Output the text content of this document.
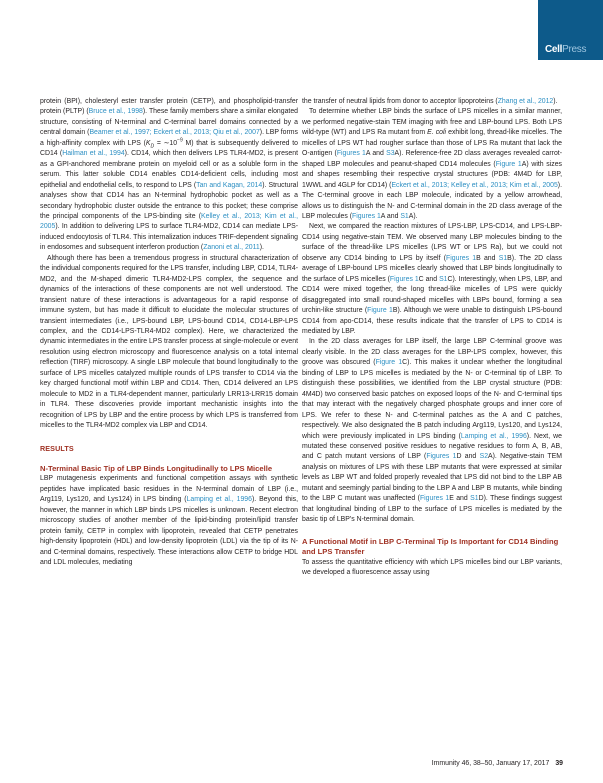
CellPress

protein (BPI), cholesteryl ester transfer protein (CETP), and phospholipid-transfer protein (PLTP) (Bruce et al., 1998). These family members share a similar elongated structure, consisting of N-terminal and C-terminal barrel domains connected by a central domain (Beamer et al., 1997; Eckert et al., 2013; Qiu et al., 2007). LBP forms a high-affinity complex with LPS ($K_D$ = $\sim 10^{-9}$ M) that is subsequently delivered to CD14 (Hailman et al., 1994). CD14, which then delivers LPS TLR4-MD2, is present as a GPI-anchored membrane protein on myeloid cell or as a soluble form in the serum. This latter soluble CD14 enables CD14-deficient cells, including most epithelial and endothelial cells, to respond to LPS (Tan and Kagan, 2014). Structural analyses show that CD14 has an N-terminal hydrophobic pocket as well as a secondary hydrophobic cluster outside the entrance to this pocket; these comprise the principal components of the LPS-binding site (Kelley et al., 2013; Kim et al., 2005). In addition to delivering LPS to surface TLR4-MD2, CD14 can mediate LPS-induced endocytosis of TLR4. This internalization induces TRIF-dependent signaling in endosomes and subsequent interferon production (Zanoni et al., 2011).

Although there has been a tremendous progress in structural characterization of the individual components required for the LPS transfer, including LBP, CD14, TLR4-MD2, and the M-shaped dimeric TLR4-MD2-LPS complex, the sequence and dynamics of the interactions of these components are not well understood. The transient nature of these interactions is advantageous for a rapid response of immune system, but has made it difficult to elucidate the molecular structures of transient intermediates (i.e., LPS-bound LBP, LPS-bound CD14, CD14-LBP-LPS complex, and the CD14-LPS-TLR4-MD2 complex). Here, we characterized the dynamic intermediates in the entire LPS transfer process at single-molecule or event resolution using electron microscopy and fluorescence analysis on a total internal reflection (TIRF) microscopy. A single LBP molecule that bound longitudinally to the surface of LPS micelles catalyzed multiple rounds of LPS transfer to CD14 via the key charged functional motif within LBP and CD14. Then, CD14 delivered an LPS molecule to MD2 in a TLR4-dependent manner, particularly LRR13-LRR15 domain in TLR4. These discoveries provide important mechanistic insights into the recognition of LPS by LBP and the entire process by which LPS is transferred from micelles to the TLR4-MD2 complex via LBP and CD14.

RESULTS
N-Terminal Basic Tip of LBP Binds Longitudinally to LPS Micelle

LBP mutagenesis experiments and functional competition assays with synthetic peptides have implicated basic residues in the N-terminal domain of LBP (i.e., Arg119, Lys120, and Lys124) in LPS binding (Lamping et al., 1996). Beyond this, however, the manner in which LBP binds LPS micelles is unknown. Recent electron microscopy studies of another member of the lipid-binding protein/lipid transfer protein family, CETP in complex with lipoprotein, revealed that CETP penetrates high-density lipoprotein (HDL) and low-density lipoprotein (LDL) via the tip of its N- and C-terminal domains, respectively. These interactions allow CETP to bridge HDL and LDL molecules, mediating

the transfer of neutral lipids from donor to acceptor lipoproteins (Zhang et al., 2012).

To determine whether LBP binds the surface of LPS micelles in a similar manner, we performed negative-stain TEM imaging with free and LBP-bound LPS. Both LPS wild-type (WT) and LPS Ra mutant from E. coli exhibit long, thread-like micelles. The micelles of LPS WT had rougher surface than those of LPS Ra mutant that lack the O-antigen (Figures 1A and S3A). Reference-free 2D class averages revealed carrot-shaped LBP molecules and peanut-shaped CD14 molecules (Figure 1A) with sizes and shapes resembling their respective crystal structures (PDB: 4M4D for LBP, 1WWL and 4GLP for CD14) (Eckert et al., 2013; Kelley et al., 2013; Kim et al., 2005). The C-terminal groove in each LBP molecule, indicated by a yellow arrowhead, allows us to distinguish the N- and C-terminal domain in the 2D class average of the LBP molecules (Figures 1A and S1A).

Next, we compared the reaction mixtures of LPS-LBP, LPS-CD14, and LPS-LBP-CD14 using negative-stain TEM. We observed many LBP molecules binding to the surface of the thread-like LPS micelles (LPS WT or LPS Ra), but we could not observe any CD14 binding to LPS by itself (Figures 1B and S1B). The 2D class average of LBP-bound LPS micelles clearly showed that LBP binds longitudinally to the surface of LPS micelles (Figures 1C and S1C). Interestingly, when LPS, LBP, and CD14 were mixed together, the long thread-like micelles of LPS were quickly disaggregated into small round-shaped micelles with LBPs bound, forming a sea urchin-like structure (Figure 1B). Although we were unable to distinguish LPS-bound CD14 from apo-CD14, these results indicate that the transfer of LPS to CD14 is mediated by LBP.

In the 2D class averages for LBP itself, the large LBP C-terminal groove was clearly visible. In the 2D class averages for the LBP-LPS complex, however, this groove was obscured (Figure 1C). This makes it unclear whether the longitudinal binding of LBP to LPS micelles is mediated by the N- or C-terminal tip of LBP. To distinguish these possibilities, we identified from the LBP crystal structure (PDB: 4M4D) two conserved basic patches on exposed loops of the N- and C-terminal tips that may interact with the negatively charged phosphate groups and inner core of LPS. We refer to these N- and C-terminal patches as the A and C patches, respectively. We also designated the B patch including Arg119, Lys120, and Lys124, which were previously implicated in LPS binding (Lamping et al., 1996). Next, we mutated these conserved positive residues to negative residues to form A, B, AB, and C patch mutant versions of LBP (Figures 1D and S2A). Negative-stain TEM analysis on mixtures of LPS with these LBP mutants that were expressed at similar levels as LBP WT and folded properly revealed that LPS did not bind to the LBP AB mutant and seemingly partial binding to the LBP A and LBP B mutants, while binding to the LBP C mutant was unaffected (Figures 1E and S1D). These findings suggest that longitudinal binding of LBP to the surface of LPS micelles is mediated by the basic tip of LBP’s N-terminal domain.

A Functional Motif in LBP C-Terminal Tip Is Important for CD14 Binding and LPS Transfer

To assess the quantitative efficiency with which LPS micelles bind our LBP variants, we developed a fluorescence assay using

Immunity 46, 38–50, January 17, 2017 39
